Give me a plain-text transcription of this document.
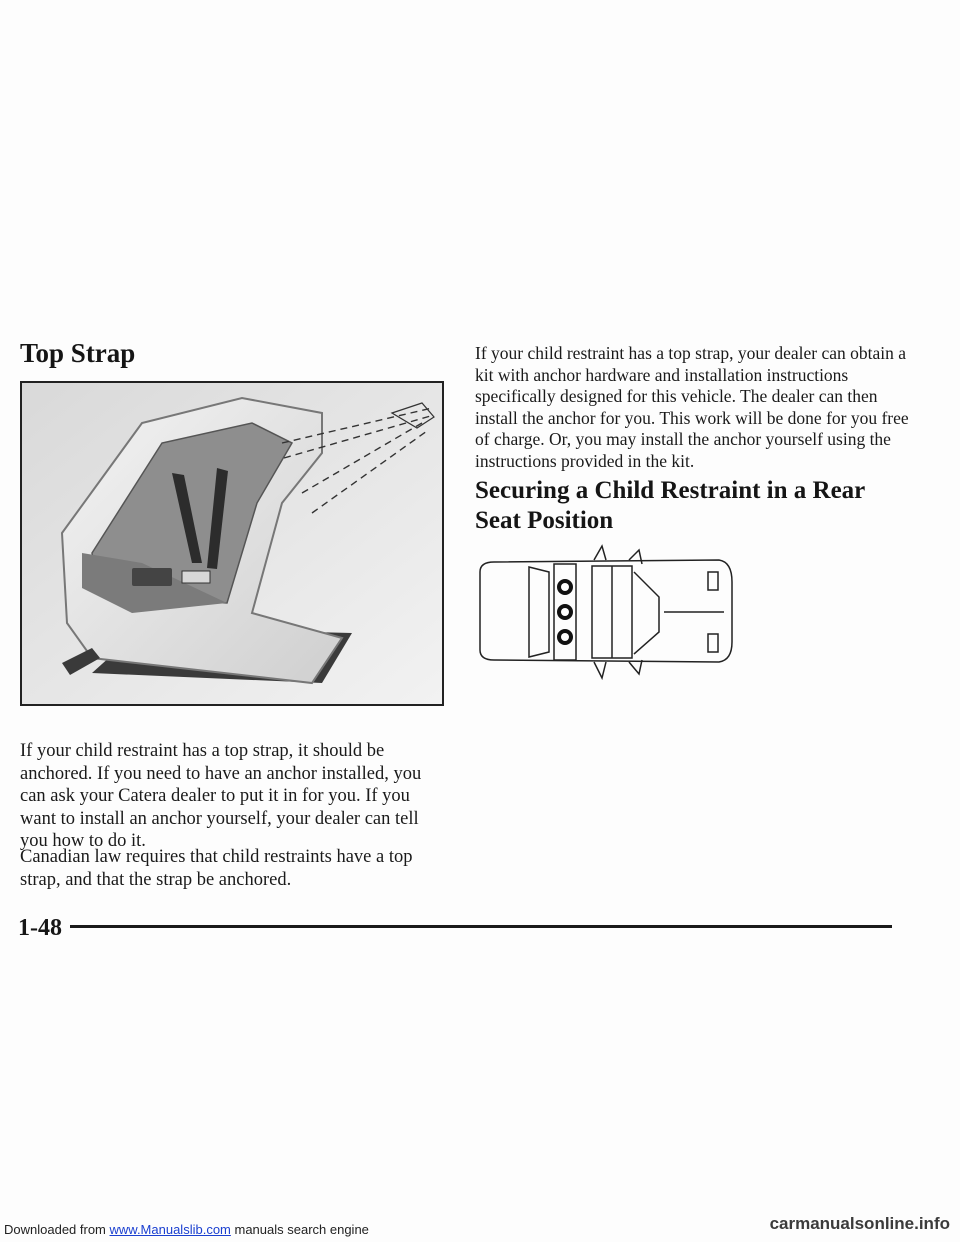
Top Strap

If your child restraint has a top strap, it should be anchored. If you need to have an anchor installed, you can ask your Catera dealer to put it in for you. If you want to install an anchor yourself, your dealer can tell you how to do it.

Canadian law requires that child restraints have a top strap, and that the strap be anchored.

If your child restraint has a top strap, your dealer can obtain a kit with anchor hardware and installation instructions specifically designed for this vehicle. The dealer can then install the anchor for you. This work will be done for you free of charge. Or, you may install the anchor yourself using the instructions provided in the kit.

Securing a Child Restraint in a Rear Seat Position
1-48
Downloaded from www.Manualslib.com manuals search engine	carmanualsonline.info
